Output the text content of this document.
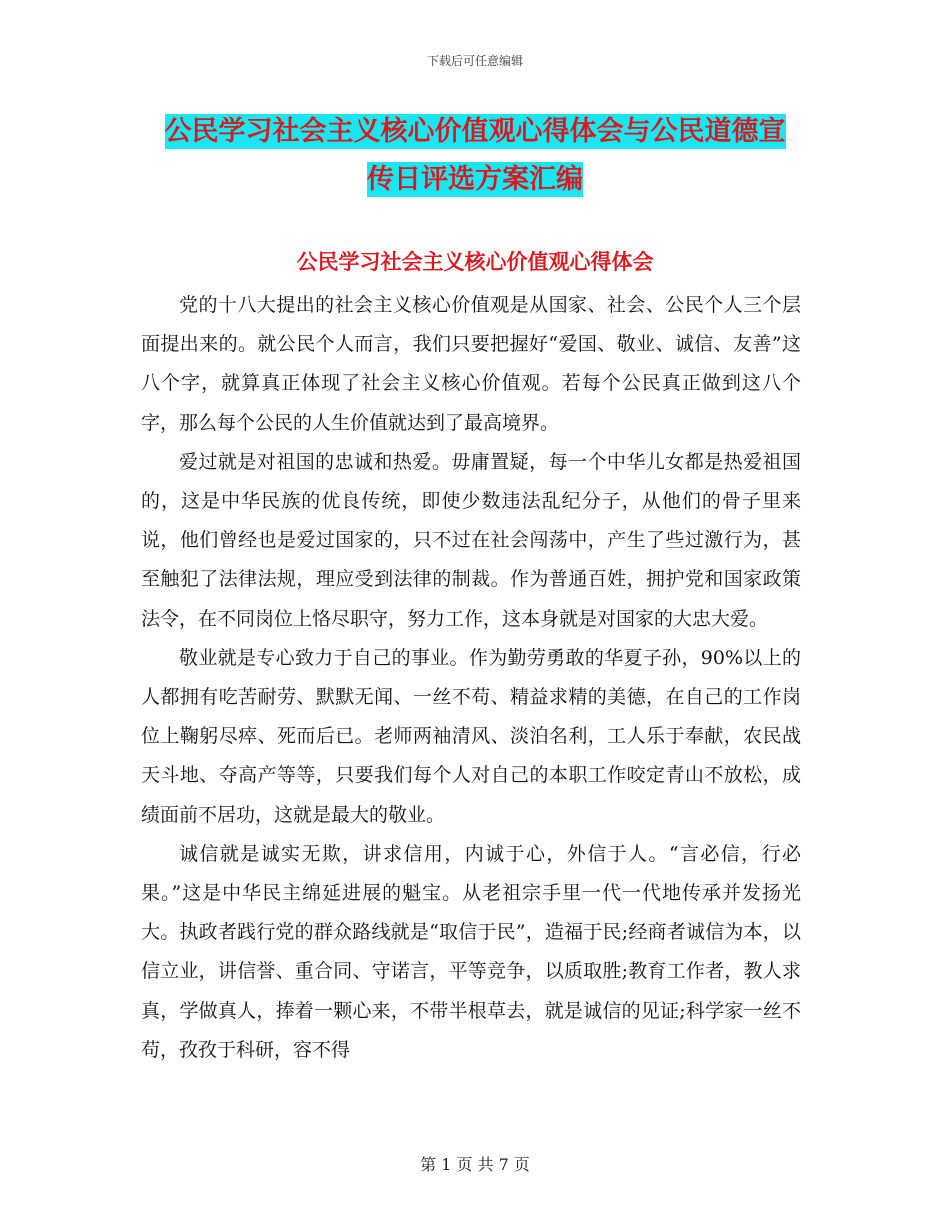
下载后可任意编辑
公民学习社会主义核心价值观心得体会与公民道德宣
传日评选方案汇编
公民学习社会主义核心价值观心得体会

党的十八大提出的社会主义核心价值观是从国家、社会、公民个人三个层面提出来的。就公民个人而言，我们只要把握好“爱国、敬业、诚信、友善”这八个字，就算真正体现了社会主义核心价值观。若每个公民真正做到这八个字，那么每个公民的人生价值就达到了最高境界。

爱过就是对祖国的忠诚和热爱。毋庸置疑，每一个中华儿女都是热爱祖国的，这是中华民族的优良传统，即使少数违法乱纪分子，从他们的骨子里来说，他们曾经也是爱过国家的，只不过在社会闯荡中，产生了些过激行为，甚至触犯了法律法规，理应受到法律的制裁。作为普通百姓，拥护党和国家政策法令，在不同岗位上恪尽职守，努力工作，这本身就是对国家的大忠大爱。

敬业就是专心致力于自己的事业。作为勤劳勇敢的华夏子孙，90%以上的人都拥有吃苦耐劳、默默无闻、一丝不苟、精益求精的美德，在自己的工作岗位上鞠躬尽瘁、死而后已。老师两袖清风、淡泊名利，工人乐于奉献，农民战天斗地、夺高产等等，只要我们每个人对自己的本职工作咬定青山不放松，成绩面前不居功，这就是最大的敬业。

诚信就是诚实无欺，讲求信用，内诚于心，外信于人。“言必信，行必果。”这是中华民主绵延进展的魁宝。从老祖宗手里一代一代地传承并发扬光大。执政者践行党的群众路线就是“取信于民”，造福于民;经商者诚信为本，以信立业，讲信誉、重合同、守诺言，平等竞争，以质取胜;教育工作者，教人求真，学做真人，捧着一颗心来，不带半根草去，就是诚信的见证;科学家一丝不苟，孜孜于科研，容不得

第 1 页 共 7 页
